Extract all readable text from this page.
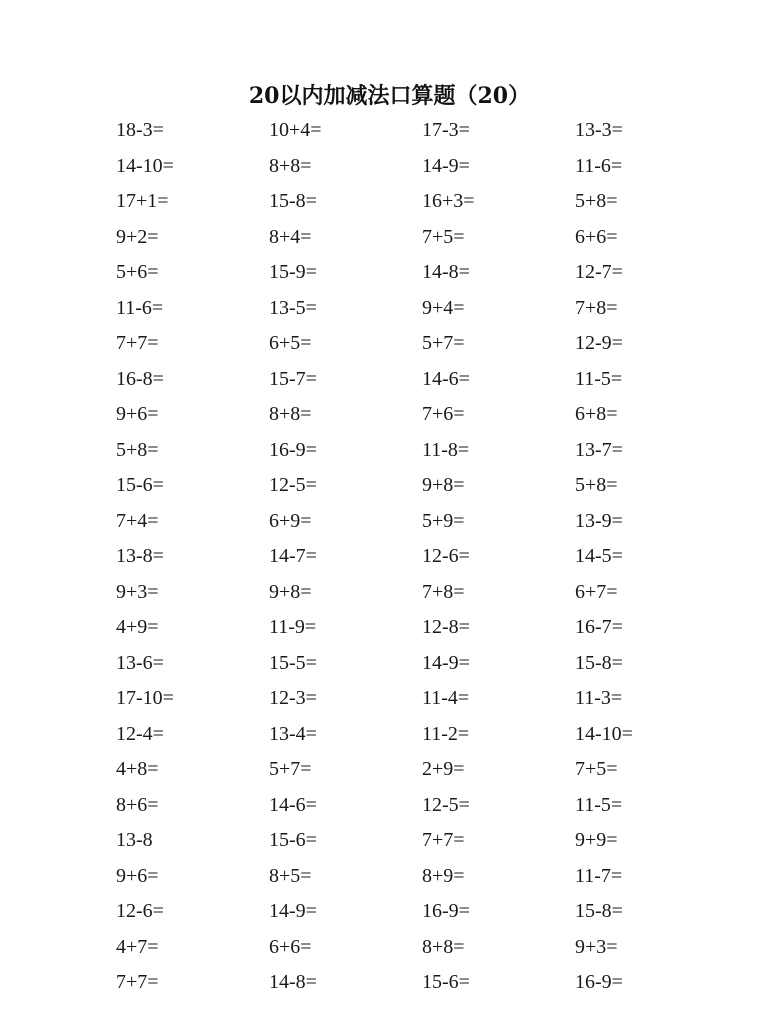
20以内加减法口算题（20）
18-3=	10+4=	17-3=	13-3=
14-10=	8+8=	14-9=	11-6=
17+1=	15-8=	16+3=	5+8=
9+2=	8+4=	7+5=	6+6=
5+6=	15-9=	14-8=	12-7=
11-6=	13-5=	9+4=	7+8=
7+7=	6+5=	5+7=	12-9=
16-8=	15-7=	14-6=	11-5=
9+6=	8+8=	7+6=	6+8=
5+8=	16-9=	11-8=	13-7=
15-6=	12-5=	9+8=	5+8=
7+4=	6+9=	5+9=	13-9=
13-8=	14-7=	12-6=	14-5=
9+3=	9+8=	7+8=	6+7=
4+9=	11-9=	12-8=	16-7=
13-6=	15-5=	14-9=	15-8=
17-10=	12-3=	11-4=	11-3=
12-4=	13-4=	11-2=	14-10=
4+8=	5+7=	2+9=	7+5=
8+6=	14-6=	12-5=	11-5=
13-8	15-6=	7+7=	9+9=
9+6=	8+5=	8+9=	11-7=
12-6=	14-9=	16-9=	15-8=
4+7=	6+6=	8+8=	9+3=
7+7=	14-8=	15-6=	16-9=
